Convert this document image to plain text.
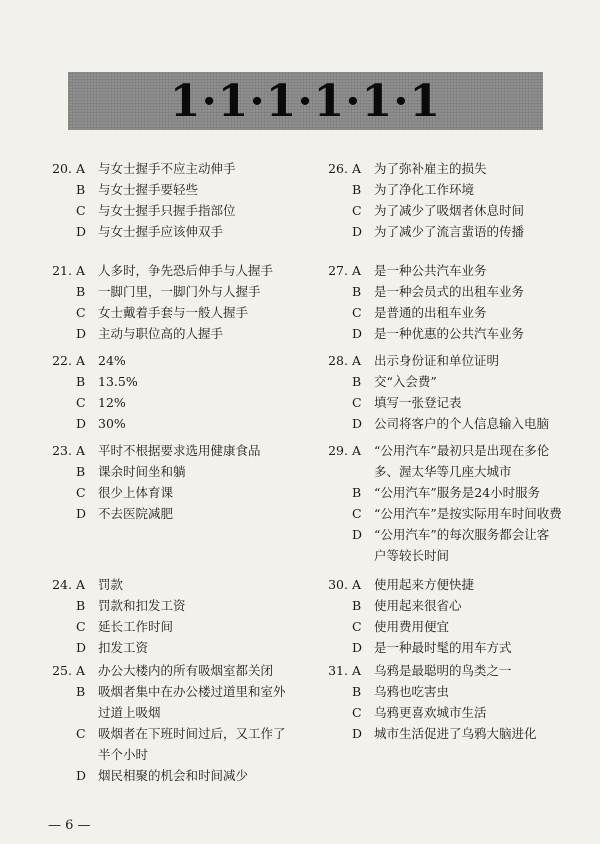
1·1·1·1·1·1
20 . A	与女士握手不应主动伸手
B	与女士握手要轻些
C 与女士握手只握手指部位
D 与女士握手应该伸双手
21 . A	人多时，争先恐后伸手与人握手
B	一脚门里，一脚门外与人握手
C 女士戴着手套与一般人握手
D 主动与职位高的人握手
22 . A	24%
B	13.5%
C 12%
D 30%
23 . A	平时不根据要求选用健康食品
B	课余时间坐和躺
C 很少上体育课
D 不去医院减肥
24 . A	罚款
B	罚款和扣发工资
C 延长工作时间
D 扣发工资
25 . A	办公大楼内的所有吸烟室都关闭
B	吸烟者集中在办公楼过道里和室外
过道上吸烟
C 吸烟者在下班时间过后，又工作了
半个小时
D 烟民相聚的机会和时间减少
26 . A	为了弥补雇主的损失
B	为了净化工作环境
C 为了减少了吸烟者休息时间
D 为了减少了流言蜚语的传播
27 . A	是一种公共汽车业务
B	是一种会员式的出租车业务
C 是普通的出租车业务
D 是一种优惠的公共汽车业务
28 . A	出示身份证和单位证明
B	交“入会费”
C 填写一张登记表
D 公司将客户的个人信息输入电脑
29 . A	“公用汽车”最初只是出现在多伦
多、渥太华等几座大城市
B	“公用汽车”服务是24小时服务
C “公用汽车”是按实际用车时间收费
D “公用汽车”的每次服务都会让客
户等较长时间
30 . A	使用起来方便快捷
B	使用起来很省心
C 使用费用便宜
D 是一种最时髦的用车方式
31 . A	乌鸦是最聪明的鸟类之一
B	乌鸦也吃害虫
C 乌鸦更喜欢城市生活
D 城市生活促进了乌鸦大脑进化
— 6 —
